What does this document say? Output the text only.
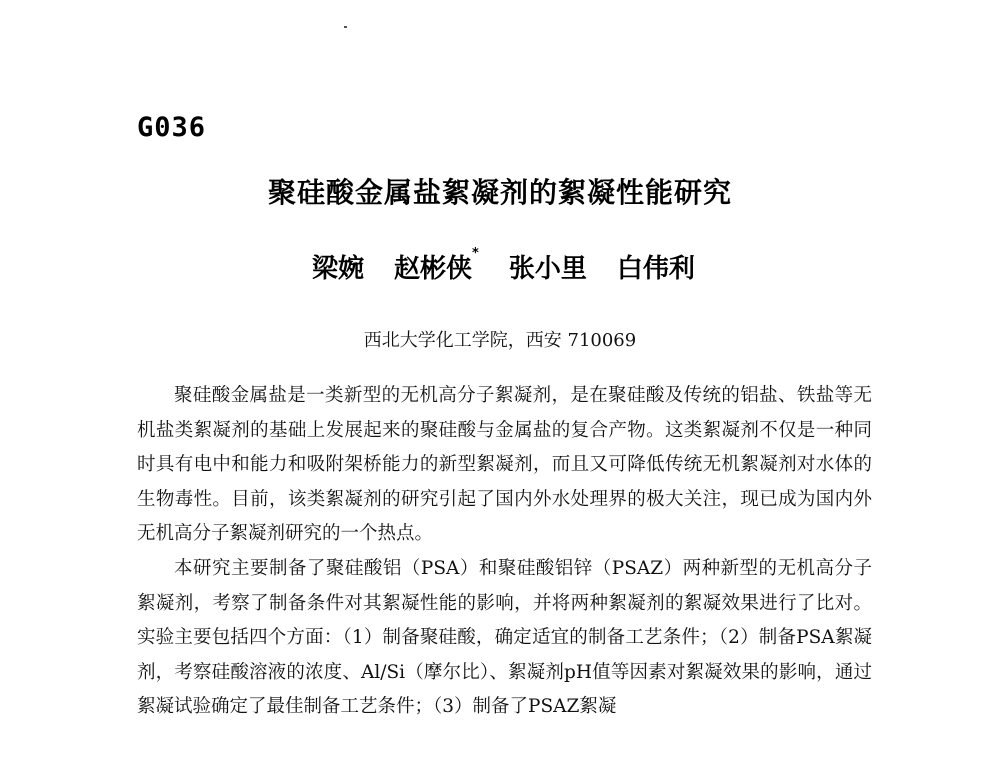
G036
聚硅酸金属盐絮凝剂的絮凝性能研究
梁婉 赵彬侠*
张小里 白伟利
西北大学化工学院，西安 710069

聚硅酸金属盐是一类新型的无机高分子絮凝剂，是在聚硅酸及传统的铝盐、铁盐等无机盐类絮凝剂的基础上发展起来的聚硅酸与金属盐的复合产物。这类絮凝剂不仅是一种同时具有电中和能力和吸附架桥能力的新型絮凝剂，而且又可降低传统无机絮凝剂对水体的生物毒性。目前，该类絮凝剂的研究引起了国内外水处理界的极大关注，现已成为国内外无机高分子絮凝剂研究的一个热点。

本研究主要制备了聚硅酸铝（PSA）和聚硅酸铝锌（PSAZ）两种新型的无机高分子絮凝剂，考察了制备条件对其絮凝性能的影响，并将两种絮凝剂的絮凝效果进行了比对。实验主要包括四个方面：（1）制备聚硅酸，确定适宜的制备工艺条件；（2）制备PSA絮凝剂，考察硅酸溶液的浓度、Al/Si（摩尔比）、絮凝剂pH值等因素对絮凝效果的影响，通过絮凝试验确定了最佳制备工艺条件；（3）制备了PSAZ絮凝
